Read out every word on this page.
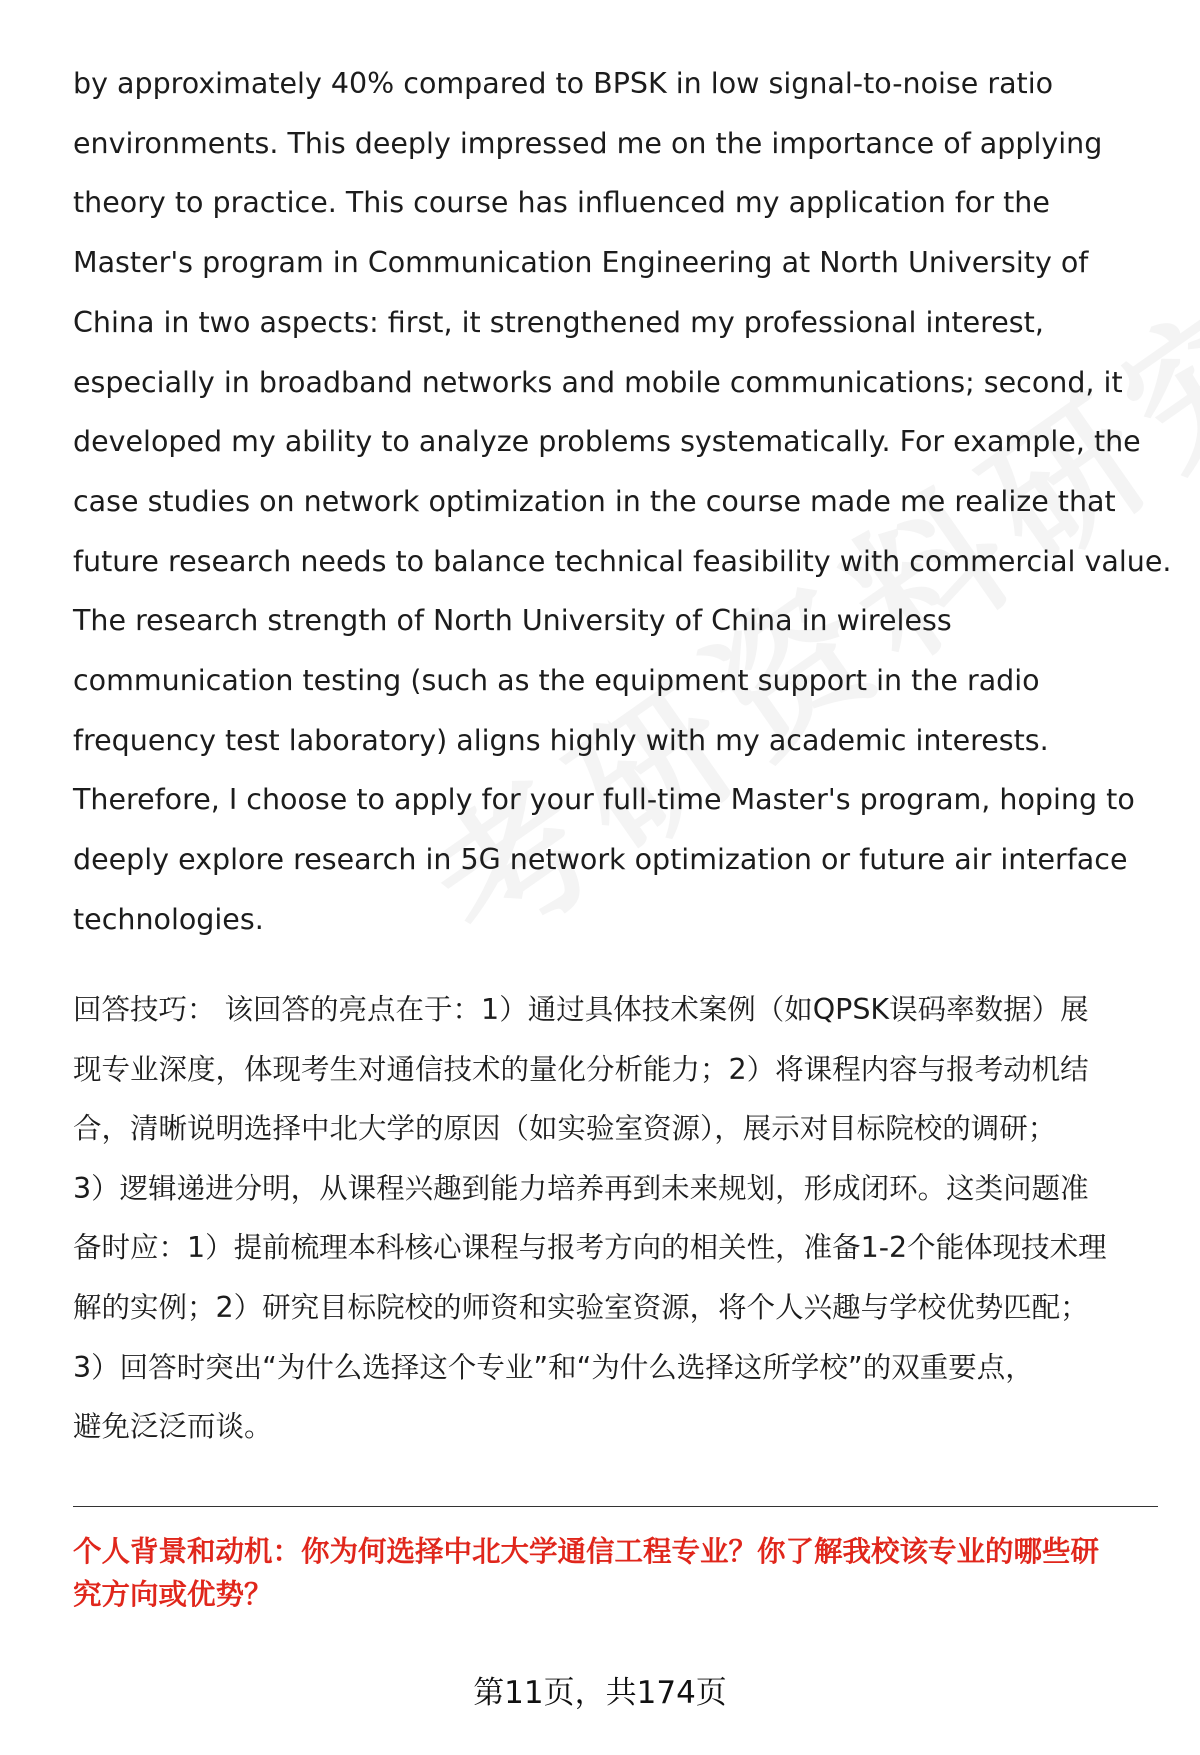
by approximately 40% compared to BPSK in low signal-to-noise ratio
environments. This deeply impressed me on the importance of applying
theory to practice. This course has influenced my application for the
Master's program in Communication Engineering at North University of
China in two aspects: first, it strengthened my professional interest,
especially in broadband networks and mobile communications; second, it
developed my ability to analyze problems systematically. For example, the
case studies on network optimization in the course made me realize that
future research needs to balance technical feasibility with commercial value.
The research strength of North University of China in wireless
communication testing (such as the equipment support in the radio
frequency test laboratory) aligns highly with my academic interests.
Therefore, I choose to apply for your full-time Master's program, hoping to
deeply explore research in 5G network optimization or future air interface
technologies.

回答技巧： 该回答的亮点在于：1）通过具体技术案例（如QPSK误码率数据）展
现专业深度，体现考生对通信技术的量化分析能力；2）将课程内容与报考动机结
合，清晰说明选择中北大学的原因（如实验室资源），展示对目标院校的调研；
3）逻辑递进分明，从课程兴趣到能力培养再到未来规划，形成闭环。这类问题准
备时应：1）提前梳理本科核心课程与报考方向的相关性，准备1-2个能体现技术理
解的实例；2）研究目标院校的师资和实验室资源，将个人兴趣与学校优势匹配；
3）回答时突出“为什么选择这个专业”和“为什么选择这所学校”的双重要点，
避免泛泛而谈。

个人背景和动机：你为何选择中北大学通信工程专业？你了解我校该专业的哪些研
究方向或优势？

第11页，共174页
